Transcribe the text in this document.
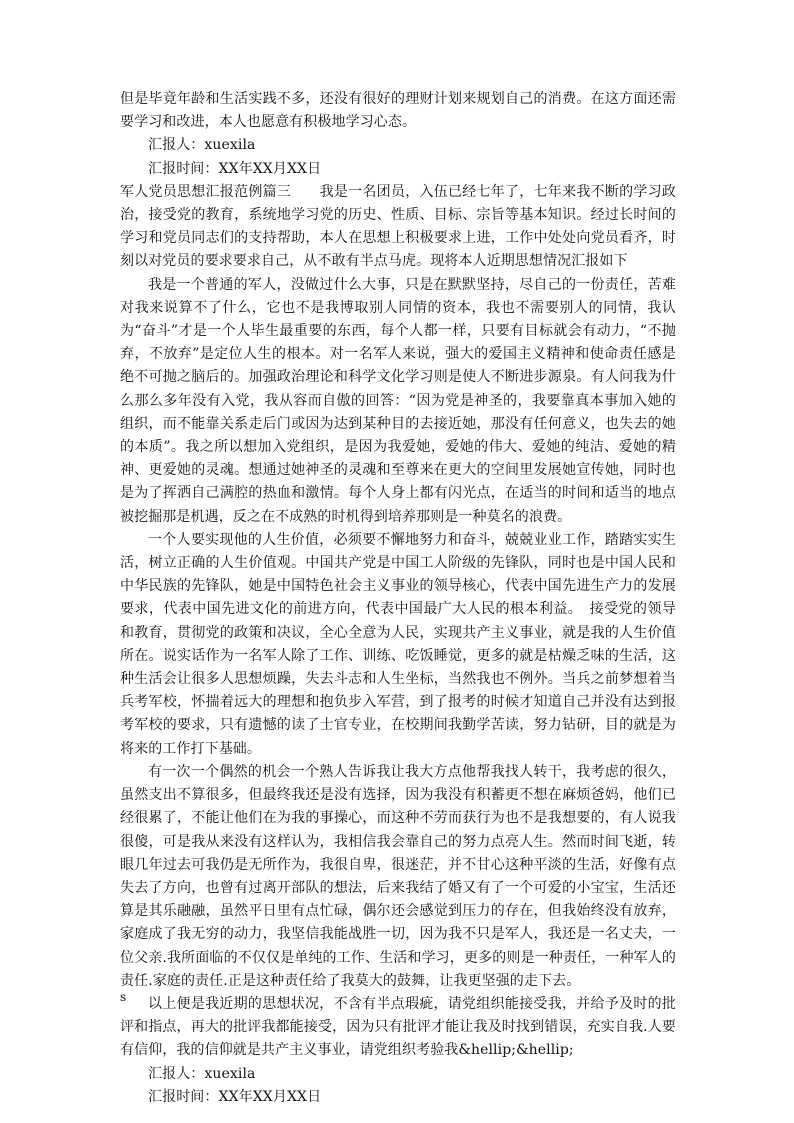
但是毕竟年龄和生活实践不多，还没有很好的理财计划来规划自己的消费。在这方面还需要学习和改进，本人也愿意有积极地学习心态。

汇报人：xuexila

汇报时间：XX年XX月XX日

军人党员思想汇报范例篇三　　我是一名团员，入伍已经七年了，七年来我不断的学习政治，接受党的教育，系统地学习党的历史、性质、目标、宗旨等基本知识。经过长时间的学习和党员同志们的支持帮助，本人在思想上积极要求上进，工作中处处向党员看齐，时刻以对党员的要求要求自己，从不敢有半点马虎。现将本人近期思想情况汇报如下

我是一个普通的军人，没做过什么大事，只是在默默坚持，尽自己的一份责任，苦难对我来说算不了什么，它也不是我博取别人同情的资本，我也不需要别人的同情，我认为“奋斗”才是一个人毕生最重要的东西，每个人都一样，只要有目标就会有动力，“不抛弃，不放弃”是定位人生的根本。对一名军人来说，强大的爱国主义精神和使命责任感是绝不可抛之脑后的。加强政治理论和科学文化学习则是使人不断进步源泉。有人问我为什么那么多年没有入党，我从容而自傲的回答：“因为党是神圣的，我要靠真本事加入她的组织，而不能靠关系走后门或因为达到某种目的去接近她，那没有任何意义，也失去的她的本质”。我之所以想加入党组织，是因为我爱她，爱她的伟大、爱她的纯洁、爱她的精神、更爱她的灵魂。想通过她神圣的灵魂和至尊来在更大的空间里发展她宣传她，同时也是为了挥洒自己满腔的热血和激情。每个人身上都有闪光点，在适当的时间和适当的地点被挖掘那是机遇，反之在不成熟的时机得到培养那则是一种莫名的浪费。

一个人要实现他的人生价值，必须要不懈地努力和奋斗，兢兢业业工作，踏踏实实生活，树立正确的人生价值观。中国共产党是中国工人阶级的先锋队，同时也是中国人民和中华民族的先锋队，她是中国特色社会主义事业的领导核心，代表中国先进生产力的发展要求，代表中国先进文化的前进方向，代表中国最广大人民的根本利益。　接受党的领导和教育，贯彻党的政策和决议，全心全意为人民，实现共产主义事业，就是我的人生价值所在。说实话作为一名军人除了工作、训练、吃饭睡觉，更多的就是枯燥乏味的生活，这种生活会让很多人思想烦躁，失去斗志和人生坐标，当然我也不例外。当兵之前梦想着当兵考军校，怀揣着远大的理想和抱负步入军营，到了报考的时候才知道自己并没有达到报考军校的要求，只有遗憾的读了士官专业，在校期间我勤学苦读，努力钻研，目的就是为将来的工作打下基础。

有一次一个偶然的机会一个熟人告诉我让我大方点他帮我找人转干，我考虑的很久，虽然支出不算很多，但最终我还是没有选择，因为我没有积蓄更不想在麻烦爸妈，他们已经很累了，不能让他们在为我的事操心，而这种不劳而获行为也不是我想要的，有人说我很傻，可是我从来没有这样认为，我相信我会靠自己的努力点亮人生。然而时间飞逝，转眼几年过去可我仍是无所作为，我很自卑，很迷茫，并不甘心这种平淡的生活，好像有点失去了方向，也曾有过离开部队的想法，后来我结了婚又有了一个可爱的小宝宝，生活还算是其乐融融，虽然平日里有点忙碌，偶尔还会感觉到压力的存在，但我始终没有放弃，家庭成了我无穷的动力，我坚信我能战胜一切，因为我不只是军人，我还是一名丈夫，一位父亲.我所面临的不仅仅是单纯的工作、生活和学习，更多的则是一种责任，一种军人的责任.家庭的责任.正是这种责任给了我莫大的鼓舞，让我更坚强的走下去。

以上便是我近期的思想状况，不含有半点瑕疵，请党组织能接受我，并给予及时的批评和指点，再大的批评我都能接受，因为只有批评才能让我及时找到错误，充实自我.人要有信仰，我的信仰就是共产主义事业，请党组织考验我&hellip;&hellip;

汇报人：xuexila

汇报时间：XX年XX月XX日

s
